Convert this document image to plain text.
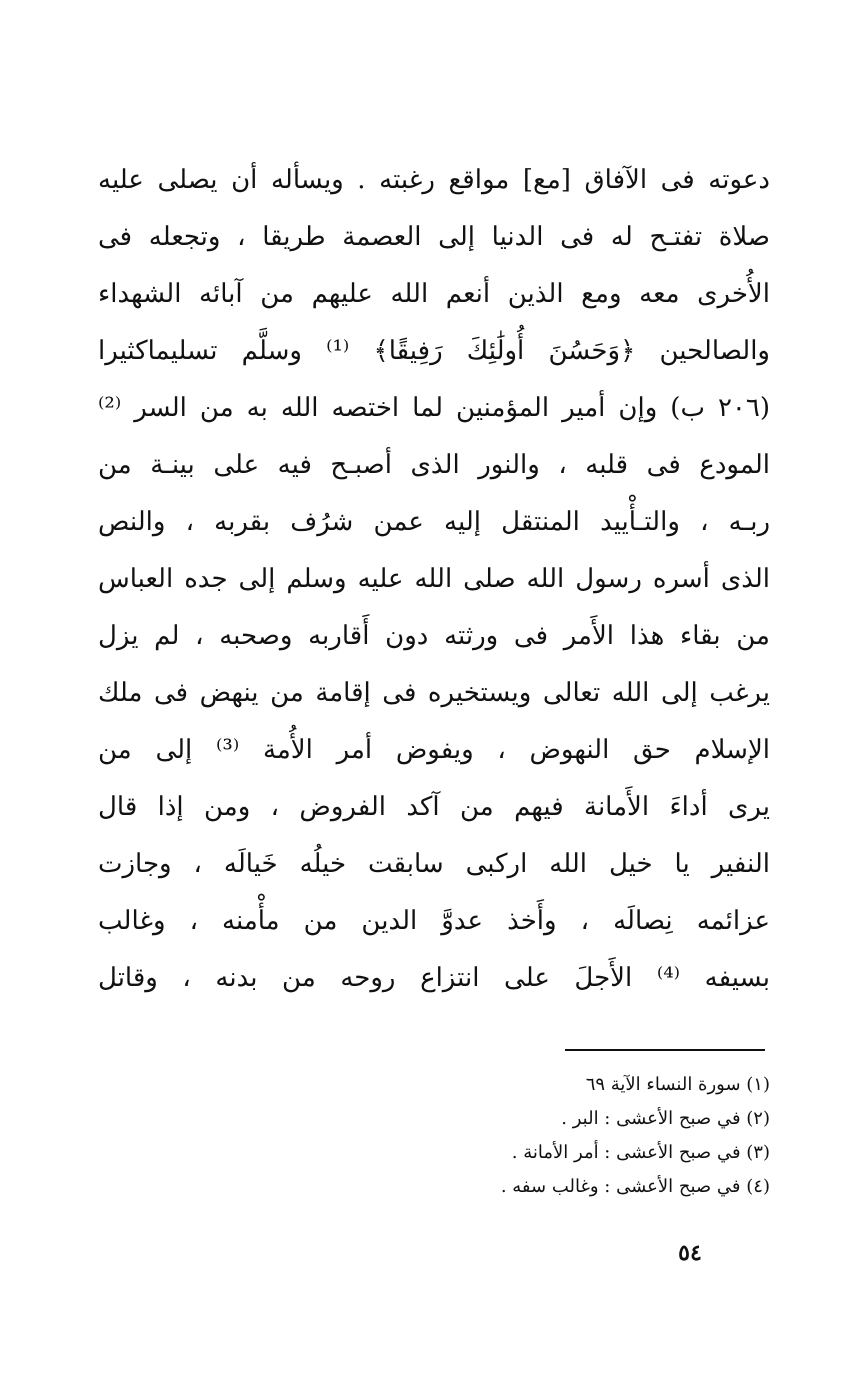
دعوته فى الآفاق [مع] مواقع رغبته . ويسأله أن يصلى عليه
صلاة تفتـح له فى الدنيا إلى العصمة طريقا ، وتجعله فى
الأُخرى معه ومع الذين أنعم الله عليهم من آبائه الشهداء
والصالحين ﴿وَحَسُنَ أُولَٰئِكَ رَفِيقًا﴾ ⁽¹⁾ وسلَّم تسليماكثيرا
(٢٠٦ ب) وإن أمير المؤمنين لما اختصه الله به من السر ⁽²⁾
المودع فى قلبه ، والنور الذى أصبـح فيه على بينـة من
ربـه ، والتـأْييد المنتقل إليه عمن شرُف بقربه ، والنص
الذى أسره رسول الله صلى الله عليه وسلم إلى جده العباس
من بقاء هذا الأَمر فى ورثته دون أَقاربه وصحبه ، لم يزل
يرغب إلى الله تعالى ويستخيره فى إقامة من ينهض فى ملك
الإسلام حق النهوض ، ويفوض أمر الأُمة ⁽³⁾ إلى من
يرى أداءَ الأَمانة فيهم من آكد الفروض ، ومن إذا قال
النفير يا خيل الله اركبى سابقت خيلُه خَيالَه ، وجازت
عزائمه نِصالَه ، وأَخذ عدوَّ الدين من مأْمنه ، وغالب
بسيفه ⁽⁴⁾ الأَجلَ على انتزاع روحه من بدنه ، وقاتل
(١) سورة النساء الآية ٦٩
(٢) في صبح الأعشى : البر .
(٣) في صبح الأعشى : أمر الأمانة .
(٤) في صبح الأعشى : وغالب سفه .
٥٤
